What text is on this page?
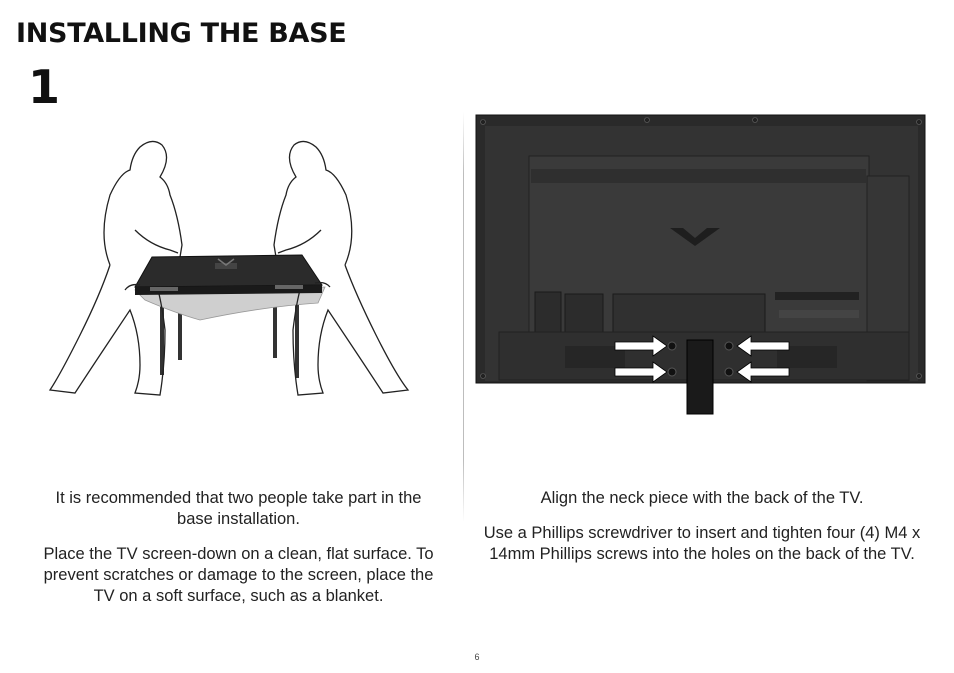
INSTALLING THE BASE
1

It is recommended that two people take part in the base installation.

Place the TV screen-down on a clean, flat surface. To prevent scratches or damage to the screen, place the TV on a soft surface, such as a blanket.

Align the neck piece with the back of the TV.

Use a Phillips screwdriver to insert and tighten four (4) M4 x 14mm Phillips screws into the holes on the back of the TV.

6
